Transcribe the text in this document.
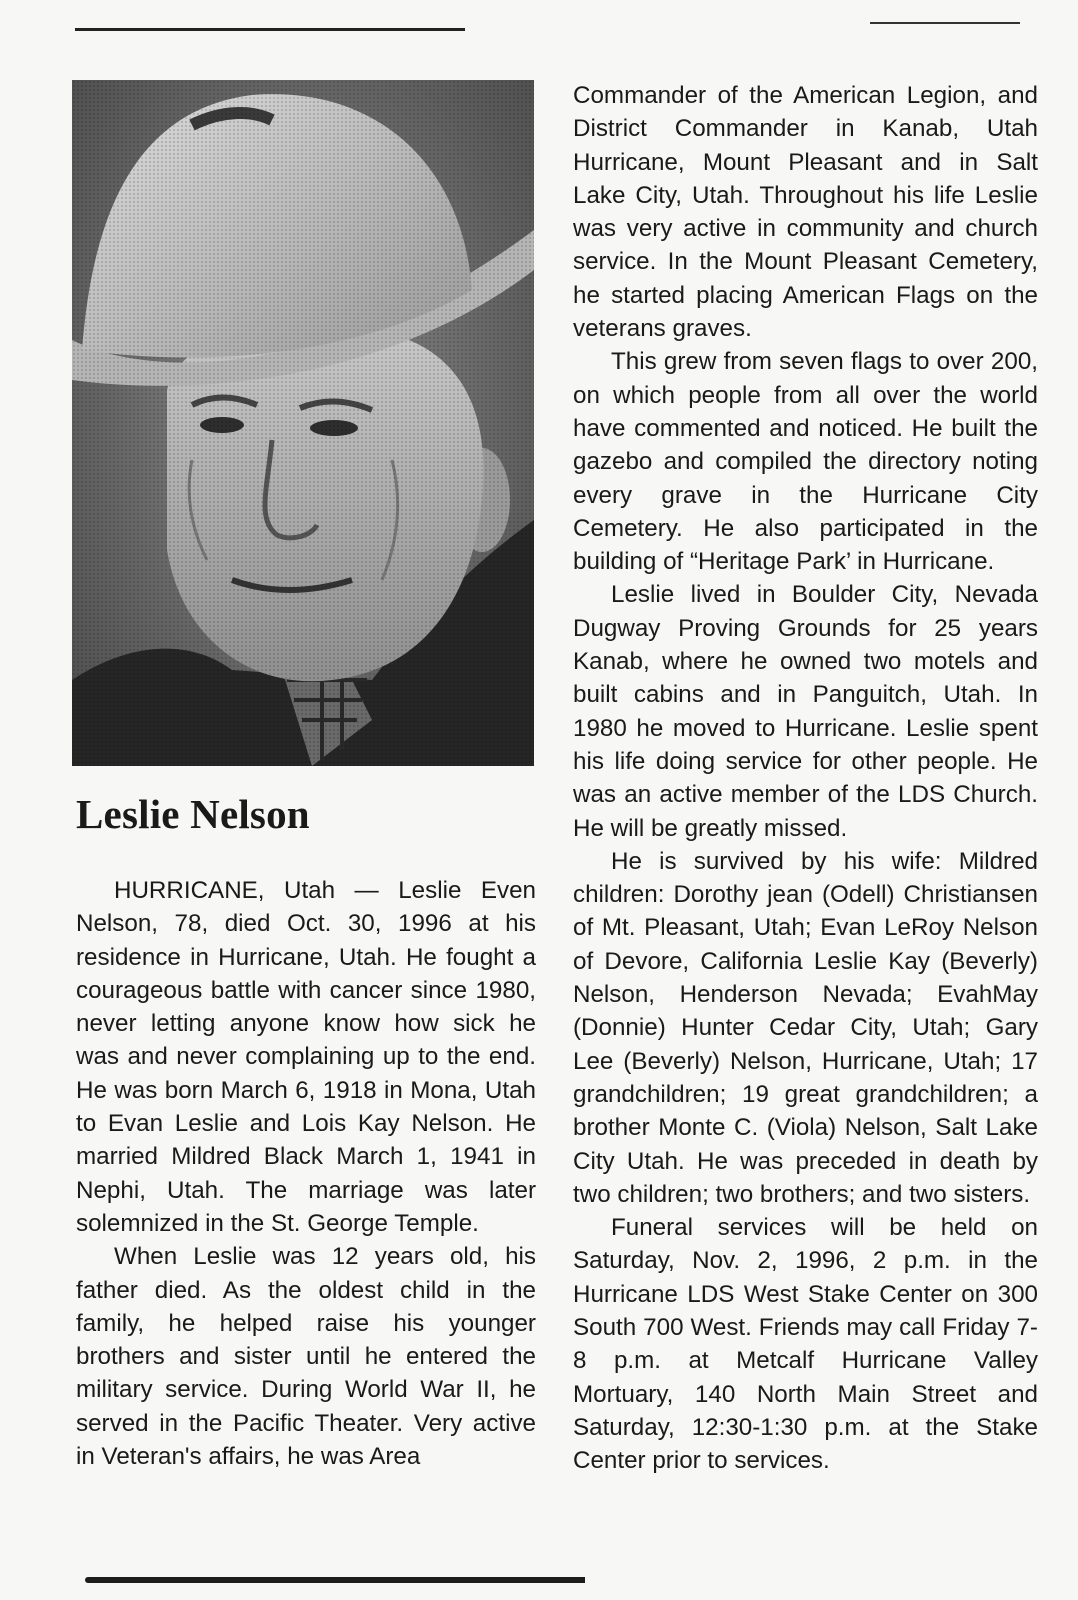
Leslie Nelson

HURRICANE, Utah — Leslie Even Nelson, 78, died Oct. 30, 1996 at his residence in Hurricane, Utah. He fought a courageous battle with cancer since 1980, never letting anyone know how sick he was and never complaining up to the end. He was born March 6, 1918 in Mona, Utah to Evan Leslie and Lois Kay Nelson. He married Mildred Black March 1, 1941 in Nephi, Utah. The marriage was later solemnized in the St. George Temple.

When Leslie was 12 years old, his father died. As the oldest child in the family, he helped raise his younger brothers and sister until he entered the military service. During World War II, he served in the Pacific Theater. Very active in Veteran's affairs, he was Area

Commander of the American Legion, and District Commander in Kanab, Utah Hurricane, Mount Pleasant and in Salt Lake City, Utah. Throughout his life Leslie was very active in community and church service. In the Mount Pleasant Cemetery, he started placing American Flags on the veterans graves.

This grew from seven flags to over 200, on which people from all over the world have commented and noticed. He built the gazebo and compiled the directory noting every grave in the Hurricane City Cemetery. He also participated in the building of “Heritage Park’ in Hurricane.

Leslie lived in Boulder City, Nevada Dugway Proving Grounds for 25 years Kanab, where he owned two motels and built cabins and in Panguitch, Utah. In 1980 he moved to Hurricane. Leslie spent his life doing service for other people. He was an active member of the LDS Church. He will be greatly missed.

He is survived by his wife: Mildred children: Dorothy jean (Odell) Christiansen of Mt. Pleasant, Utah; Evan LeRoy Nelson of Devore, California Leslie Kay (Beverly) Nelson, Henderson Nevada; EvahMay (Donnie) Hunter Cedar City, Utah; Gary Lee (Beverly) Nelson, Hurricane, Utah; 17 grandchildren; 19 great grandchildren; a brother Monte C. (Viola) Nelson, Salt Lake City Utah. He was preceded in death by two children; two brothers; and two sisters.

Funeral services will be held on Saturday, Nov. 2, 1996, 2 p.m. in the Hurricane LDS West Stake Center on 300 South 700 West. Friends may call Friday 7-8 p.m. at Metcalf Hurricane Valley Mortuary, 140 North Main Street and Saturday, 12:30-1:30 p.m. at the Stake Center prior to services.
